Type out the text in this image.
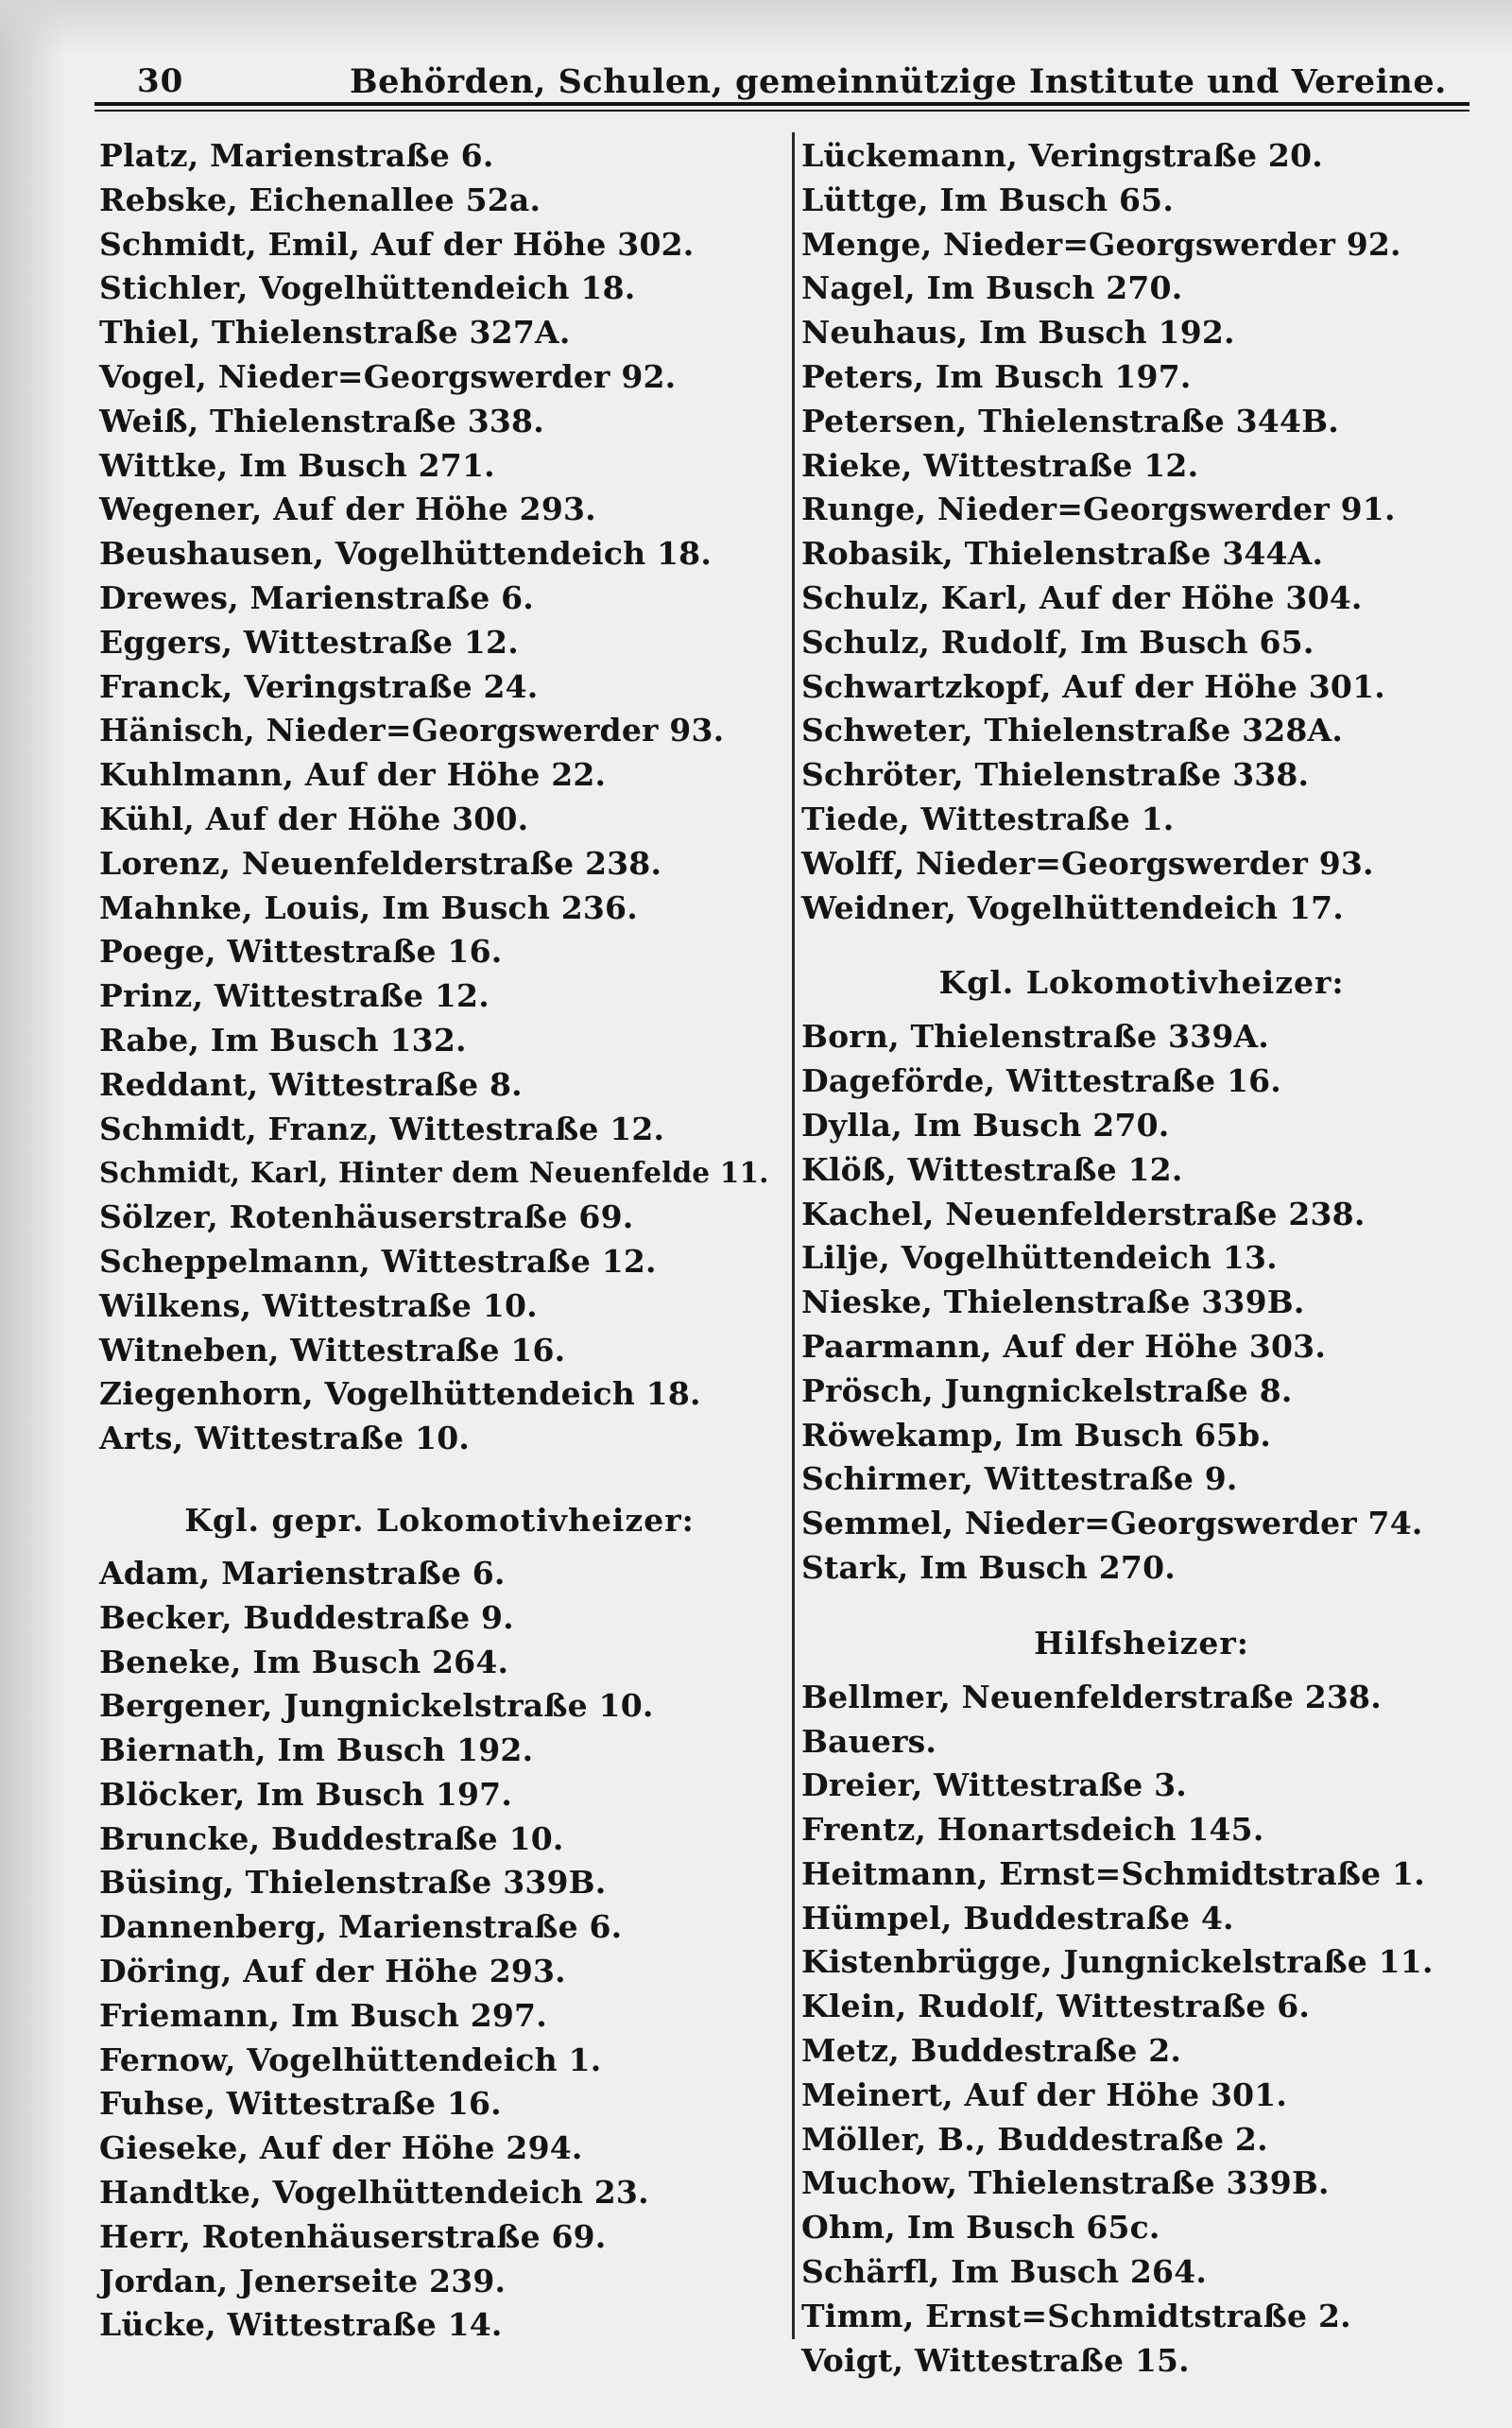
30	Behörden, Schulen, gemeinnützige Institute und Vereine.
Platz, Marienstraße 6.
Rebske, Eichenallee 52a.
Schmidt, Emil, Auf der Höhe 302.
Stichler, Vogelhüttendeich 18.
Thiel, Thielenstraße 327A.
Vogel, Nieder=Georgswerder 92.
Weiß, Thielenstraße 338.
Wittke, Im Busch 271.
Wegener, Auf der Höhe 293.
Beushausen, Vogelhüttendeich 18.
Drewes, Marienstraße 6.
Eggers, Wittestraße 12.
Franck, Veringstraße 24.
Hänisch, Nieder=Georgswerder 93.
Kuhlmann, Auf der Höhe 22.
Kühl, Auf der Höhe 300.
Lorenz, Neuenfelderstraße 238.
Mahnke, Louis, Im Busch 236.
Poege, Wittestraße 16.
Prinz, Wittestraße 12.
Rabe, Im Busch 132.
Reddant, Wittestraße 8.
Schmidt, Franz, Wittestraße 12.
Schmidt, Karl, Hinter dem Neuenfelde 11.
Sölzer, Rotenhäuserstraße 69.
Scheppelmann, Wittestraße 12.
Wilkens, Wittestraße 10.
Witneben, Wittestraße 16.
Ziegenhorn, Vogelhüttendeich 18.
Arts, Wittestraße 10.
Kgl. gepr. Lokomotivheizer:
Adam, Marienstraße 6.
Becker, Buddestraße 9.
Beneke, Im Busch 264.
Bergener, Jungnickelstraße 10.
Biernath, Im Busch 192.
Blöcker, Im Busch 197.
Bruncke, Buddestraße 10.
Büsing, Thielenstraße 339B.
Dannenberg, Marienstraße 6.
Döring, Auf der Höhe 293.
Friemann, Im Busch 297.
Fernow, Vogelhüttendeich 1.
Fuhse, Wittestraße 16.
Gieseke, Auf der Höhe 294.
Handtke, Vogelhüttendeich 23.
Herr, Rotenhäuserstraße 69.
Jordan, Jenerseite 239.
Lücke, Wittestraße 14.
Lückemann, Veringstraße 20.
Lüttge, Im Busch 65.
Menge, Nieder=Georgswerder 92.
Nagel, Im Busch 270.
Neuhaus, Im Busch 192.
Peters, Im Busch 197.
Petersen, Thielenstraße 344B.
Rieke, Wittestraße 12.
Runge, Nieder=Georgswerder 91.
Robasik, Thielenstraße 344A.
Schulz, Karl, Auf der Höhe 304.
Schulz, Rudolf, Im Busch 65.
Schwartzkopf, Auf der Höhe 301.
Schweter, Thielenstraße 328A.
Schröter, Thielenstraße 338.
Tiede, Wittestraße 1.
Wolff, Nieder=Georgswerder 93.
Weidner, Vogelhüttendeich 17.
Kgl. Lokomotivheizer:
Born, Thielenstraße 339A.
Dageförde, Wittestraße 16.
Dylla, Im Busch 270.
Klöß, Wittestraße 12.
Kachel, Neuenfelderstraße 238.
Lilje, Vogelhüttendeich 13.
Nieske, Thielenstraße 339B.
Paarmann, Auf der Höhe 303.
Prösch, Jungnickelstraße 8.
Röwekamp, Im Busch 65b.
Schirmer, Wittestraße 9.
Semmel, Nieder=Georgswerder 74.
Stark, Im Busch 270.
Hilfsheizer:
Bellmer, Neuenfelderstraße 238.
Bauers.
Dreier, Wittestraße 3.
Frentz, Honartsdeich 145.
Heitmann, Ernst=Schmidtstraße 1.
Hümpel, Buddestraße 4.
Kistenbrügge, Jungnickelstraße 11.
Klein, Rudolf, Wittestraße 6.
Metz, Buddestraße 2.
Meinert, Auf der Höhe 301.
Möller, B., Buddestraße 2.
Muchow, Thielenstraße 339B.
Ohm, Im Busch 65c.
Schärfl, Im Busch 264.
Timm, Ernst=Schmidtstraße 2.
Voigt, Wittestraße 15.
